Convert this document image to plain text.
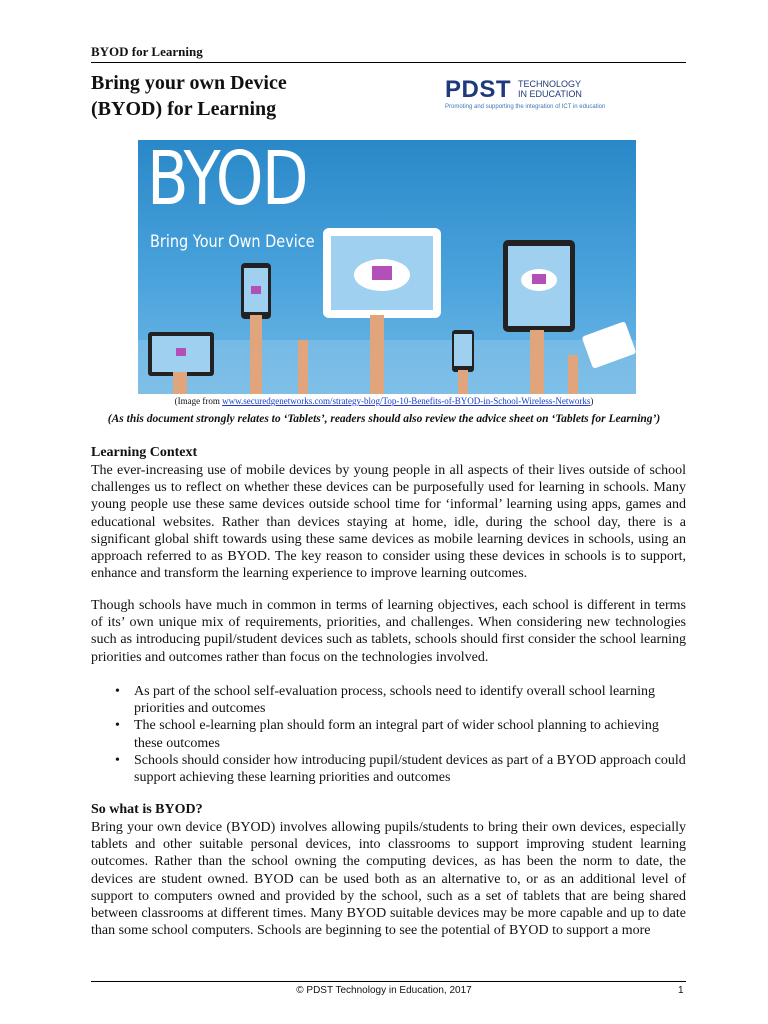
BYOD for Learning
Bring your own Device
(BYOD) for Learning
PDST TECHNOLOGY
IN EDUCATION
Promoting and supporting the integration of ICT in education
BYOD
Bring Your Own Device
(Image from www.securedgenetworks.com/strategy-blog/Top-10-Benefits-of-BYOD-in-School-Wireless-Networks)
(As this document strongly relates to ‘Tablets’, readers should also review the advice sheet on ‘Tablets for Learning’)
Learning Context

The ever-increasing use of mobile devices by young people in all aspects of their lives outside of school challenges us to reflect on whether these devices can be purposefully used for learning in schools. Many young people use these same devices outside school time for ‘informal’ learning using apps, games and educational websites. Rather than devices staying at home, idle, during the school day, there is a significant global shift towards using these same devices as mobile learning devices in schools, using an approach referred to as BYOD. The key reason to consider using these devices in schools is to support, enhance and transform the learning experience to improve learning outcomes.

Though schools have much in common in terms of learning objectives, each school is different in terms of its’ own unique mix of requirements, priorities, and challenges. When considering new technologies such as introducing pupil/student devices such as tablets, schools should first consider the school learning priorities and outcomes rather than focus on the technologies involved.

• As part of the school self-evaluation process, schools need to identify overall school learning priorities and outcomes
• The school e-learning plan should form an integral part of wider school planning to achieving these outcomes
• Schools should consider how introducing pupil/student devices as part of a BYOD approach could support achieving these learning priorities and outcomes
So what is BYOD?

Bring your own device (BYOD) involves allowing pupils/students to bring their own devices, especially tablets and other suitable personal devices, into classrooms to support improving student learning outcomes. Rather than the school owning the computing devices, as has been the norm to date, the devices are student owned. BYOD can be used both as an alternative to, or as an additional level of support to computers owned and provided by the school, such as a set of tablets that are being shared between classrooms at different times. Many BYOD suitable devices may be more capable and up to date than some school computers. Schools are beginning to see the potential of BYOD to support a more

© PDST Technology in Education, 2017	1
